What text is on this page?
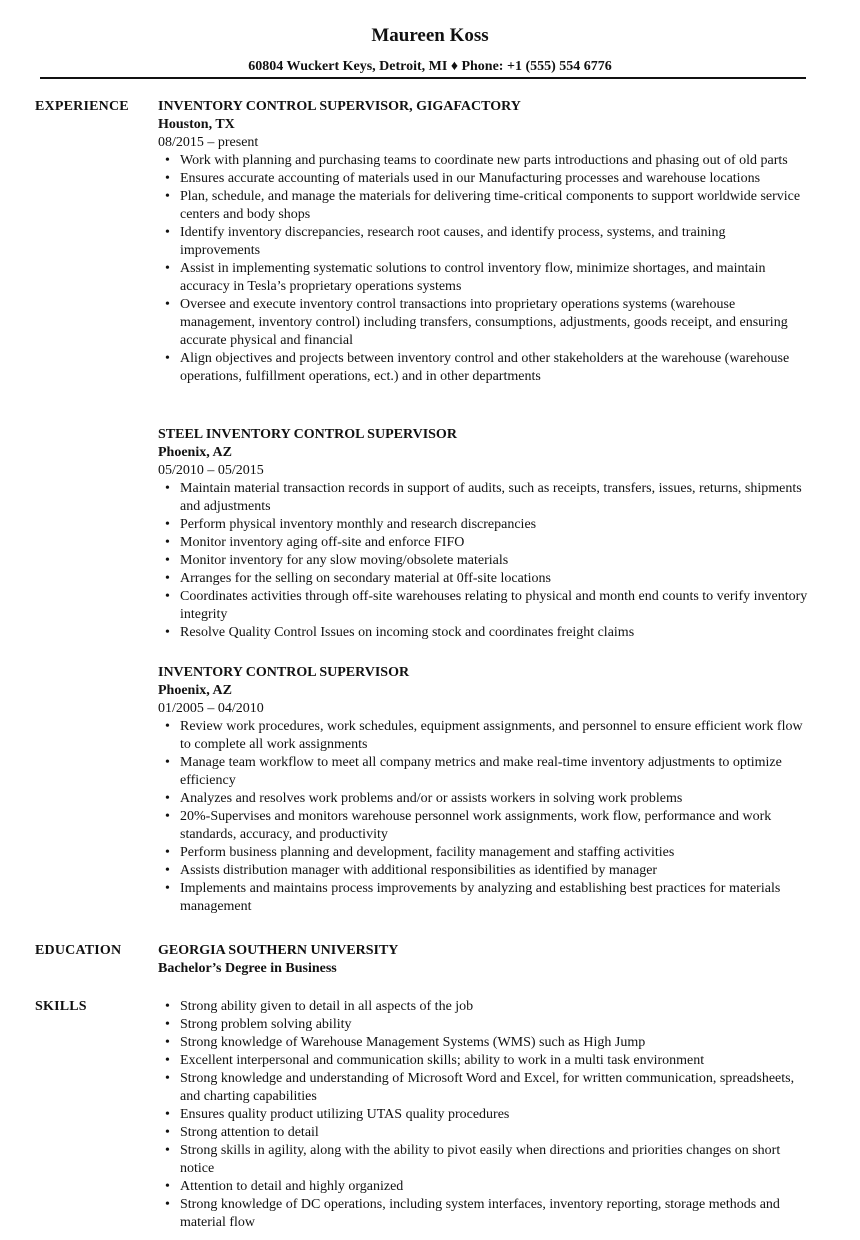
Maureen Koss
60804 Wuckert Keys, Detroit, MI ♦ Phone: +1 (555) 554 6776
EXPERIENCE INVENTORY CONTROL SUPERVISOR, GIGAFACTORY
Houston, TX
08/2015 – present
• Work with planning and purchasing teams to coordinate new parts introductions and phasing out of old parts
• Ensures accurate accounting of materials used in our Manufacturing processes and warehouse locations
• Plan, schedule, and manage the materials for delivering time-critical components to support worldwide service centers and body shops
• Identify inventory discrepancies, research root causes, and identify process, systems, and training improvements
• Assist in implementing systematic solutions to control inventory flow, minimize shortages, and maintain accuracy in Tesla’s proprietary operations systems
• Oversee and execute inventory control transactions into proprietary operations systems (warehouse management, inventory control) including transfers, consumptions, adjustments, goods receipt, and ensuring accurate physical and financial
• Align objectives and projects between inventory control and other stakeholders at the warehouse (warehouse operations, fulfillment operations, ect.) and in other departments
STEEL INVENTORY CONTROL SUPERVISOR
Phoenix, AZ
05/2010 – 05/2015
• Maintain material transaction records in support of audits, such as receipts, transfers, issues, returns, shipments and adjustments
• Perform physical inventory monthly and research discrepancies
• Monitor inventory aging off-site and enforce FIFO
• Monitor inventory for any slow moving/obsolete materials
• Arranges for the selling on secondary material at 0ff-site locations
• Coordinates activities through off-site warehouses relating to physical and month end counts to verify inventory integrity
• Resolve Quality Control Issues on incoming stock and coordinates freight claims
INVENTORY CONTROL SUPERVISOR
Phoenix, AZ
01/2005 – 04/2010
• Review work procedures, work schedules, equipment assignments, and personnel to ensure efficient work flow to complete all work assignments
• Manage team workflow to meet all company metrics and make real-time inventory adjustments to optimize efficiency
• Analyzes and resolves work problems and/or or assists workers in solving work problems
• 20%-Supervises and monitors warehouse personnel work assignments, work flow, performance and work standards, accuracy, and productivity
• Perform business planning and development, facility management and staffing activities
• Assists distribution manager with additional responsibilities as identified by manager
• Implements and maintains process improvements by analyzing and establishing best practices for materials management
EDUCATION	GEORGIA SOUTHERN UNIVERSITY
Bachelor’s Degree in Business
SKILLS
•	Strong ability given to detail in all aspects of the job
• Strong problem solving ability
• Strong knowledge of Warehouse Management Systems (WMS) such as High Jump
• Excellent interpersonal and communication skills; ability to work in a multi task environment
• Strong knowledge and understanding of Microsoft Word and Excel, for written communication, spreadsheets, and charting capabilities
• Ensures quality product utilizing UTAS quality procedures
• Strong attention to detail
• Strong skills in agility, along with the ability to pivot easily when directions and priorities changes on short notice
• Attention to detail and highly organized
• Strong knowledge of DC operations, including system interfaces, inventory reporting, storage methods and material flow
